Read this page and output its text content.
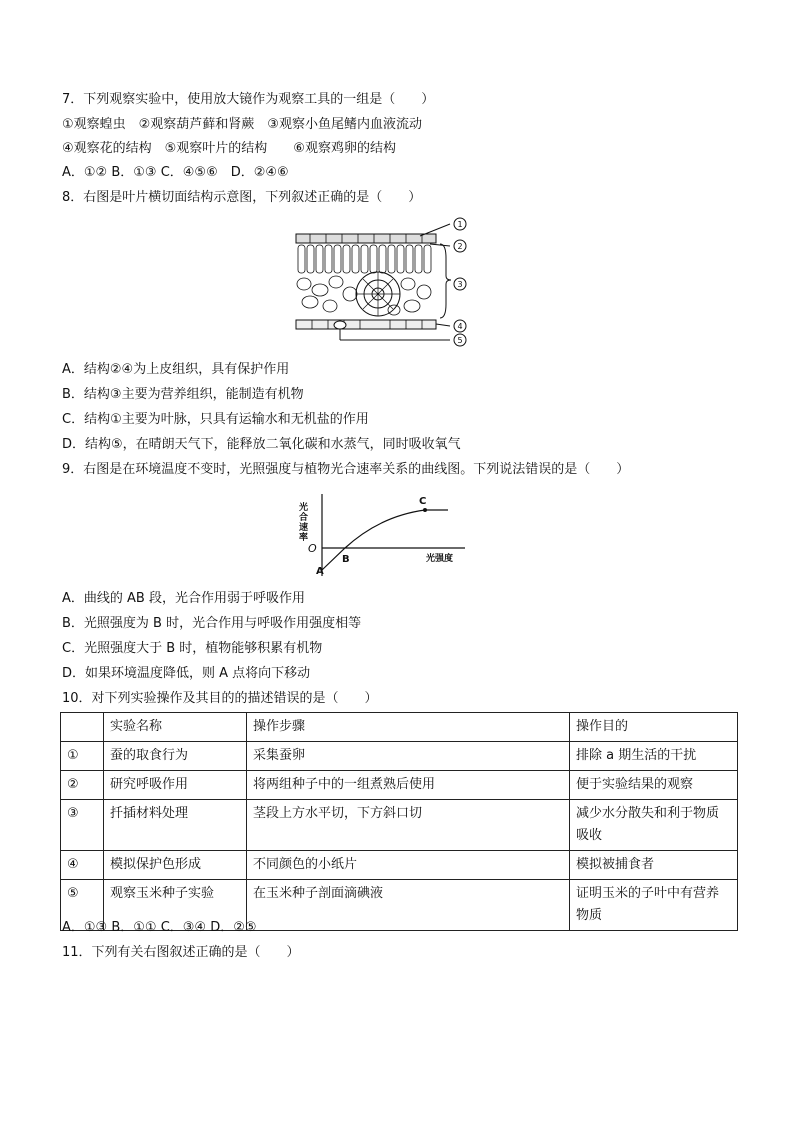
7．下列观察实验中，使用放大镜作为观察工具的一组是（　　）
①观察蝗虫　②观察葫芦藓和肾蕨　③观察小鱼尾鳍内血液流动
④观察花的结构　⑤观察叶片的结构　　⑥观察鸡卵的结构
A．①② B．①③ C．④⑤⑥　D．②④⑥
8．右图是叶片横切面结构示意图，下列叙述正确的是（　　）
1
2
3
4
5
A．结构②④为上皮组织，具有保护作用
B．结构③主要为营养组织，能制造有机物
C．结构①主要为叶脉，只具有运输水和无机盐的作用
D．结构⑤，在晴朗天气下，能释放二氧化碳和水蒸气，同时吸收氧气
9．右图是在环境温度不变时，光照强度与植物光合速率关系的曲线图。下列说法错误的是（　　）
光合速率
O
A
B
C
光强度
A．曲线的 AB 段，光合作用弱于呼吸作用
B．光照强度为 B 时，光合作用与呼吸作用强度相等
C．光照强度大于 B 时，植物能够积累有机物
D．如果环境温度降低，则 A 点将向下移动
10．对下列实验操作及其目的的描述错误的是（　　）
	实验名称	操作步骤	操作目的
①	蚕的取食行为	采集蚕卵	排除 a 期生活的干扰
②	研究呼吸作用	将两组种子中的一组煮熟后使用	便于实验结果的观察
③	扦插材料处理	茎段上方水平切，下方斜口切	减少水分散失和利于物质吸收
④	模拟保护色形成	不同颜色的小纸片	模拟被捕食者
⑤	观察玉米种子实验	在玉米种子剖面滴碘液	证明玉米的子叶中有营养物质
A．①③ B．①① C．③④ D．②⑤
11．下列有关右图叙述正确的是（　　）
